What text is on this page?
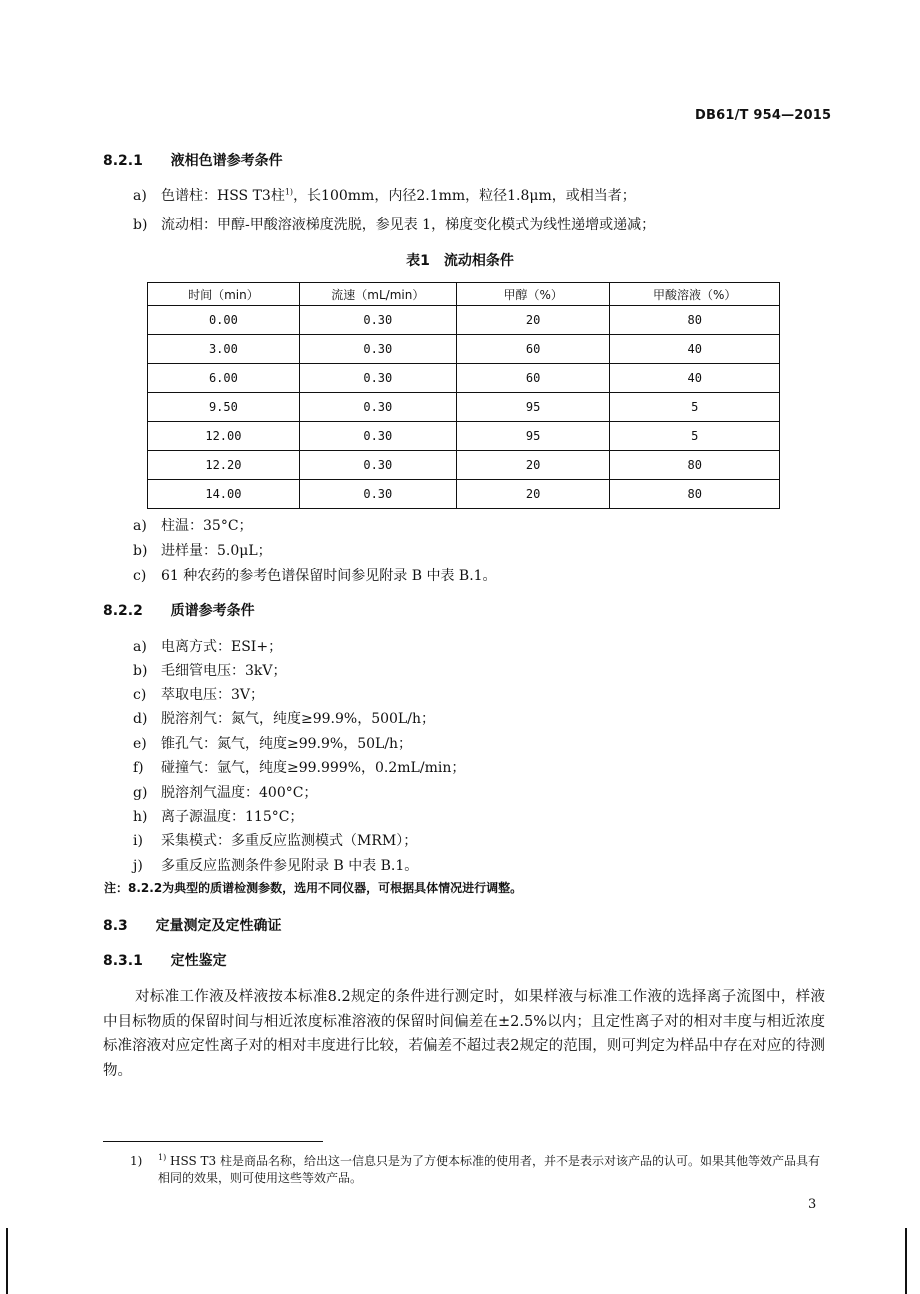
DB61/T 954—2015
8.2.1 液相色谱参考条件
a)	色谱柱：HSS T3柱$^{1)}$，长100mm，内径2.1mm，粒径1.8μm，或相当者；
b) 流动相：甲醇-甲酸溶液梯度洗脱，参见表 1，梯度变化模式为线性递增或递减；
表1　流动相条件
时间（min）	流速（mL/min）	甲醇（%）	甲酸溶液（%）
0.00	0.30	20	80
3.00	0.30	60	40
6.00	0.30	60	40
9.50	0.30	95	5
12.00	0.30	95	5
12.20	0.30	20	80
14.00	0.30	20	80
a)	柱温：35°C；
b) 进样量：5.0μL；
c)	61 种农药的参考色谱保留时间参见附录 B 中表 B.1。
8.2.2 质谱参考条件
a)	电离方式：ESI+；
b) 毛细管电压：3kV；
c)	萃取电压：3V；
d) 脱溶剂气：氮气，纯度≥99.9%，500L/h；
e)	锥孔气：氮气，纯度≥99.9%，50L/h；
f)	碰撞气：氩气，纯度≥99.999%，0.2mL/min；
g) 脱溶剂气温度：400°C；
h) 离子源温度：115°C；
i)	采集模式：多重反应监测模式（MRM）；
j)	多重反应监测条件参见附录 B 中表 B.1。
注：8.2.2为典型的质谱检测参数，选用不同仪器，可根据具体情况进行调整。
8.3 定量测定及定性确证
8.3.1 定性鉴定
对标准工作液及样液按本标准8.2规定的条件进行测定时，如果样液与标准工作液的选择离子流图中，样液中目标物质的保留时间与相近浓度标准溶液的保留时间偏差在±2.5%以内；且定性离子对的相对丰度与相近浓度标准溶液对应定性离子对的相对丰度进行比较，若偏差不超过表2规定的范围，则可判定为样品中存在对应的待测物。
1) $^{1)}$ HSS T3 柱是商品名称，给出这一信息只是为了方便本标准的使用者，并不是表示对该产品的认可。如果其他等效产品具有相同的效果，则可使用这些等效产品。
3
